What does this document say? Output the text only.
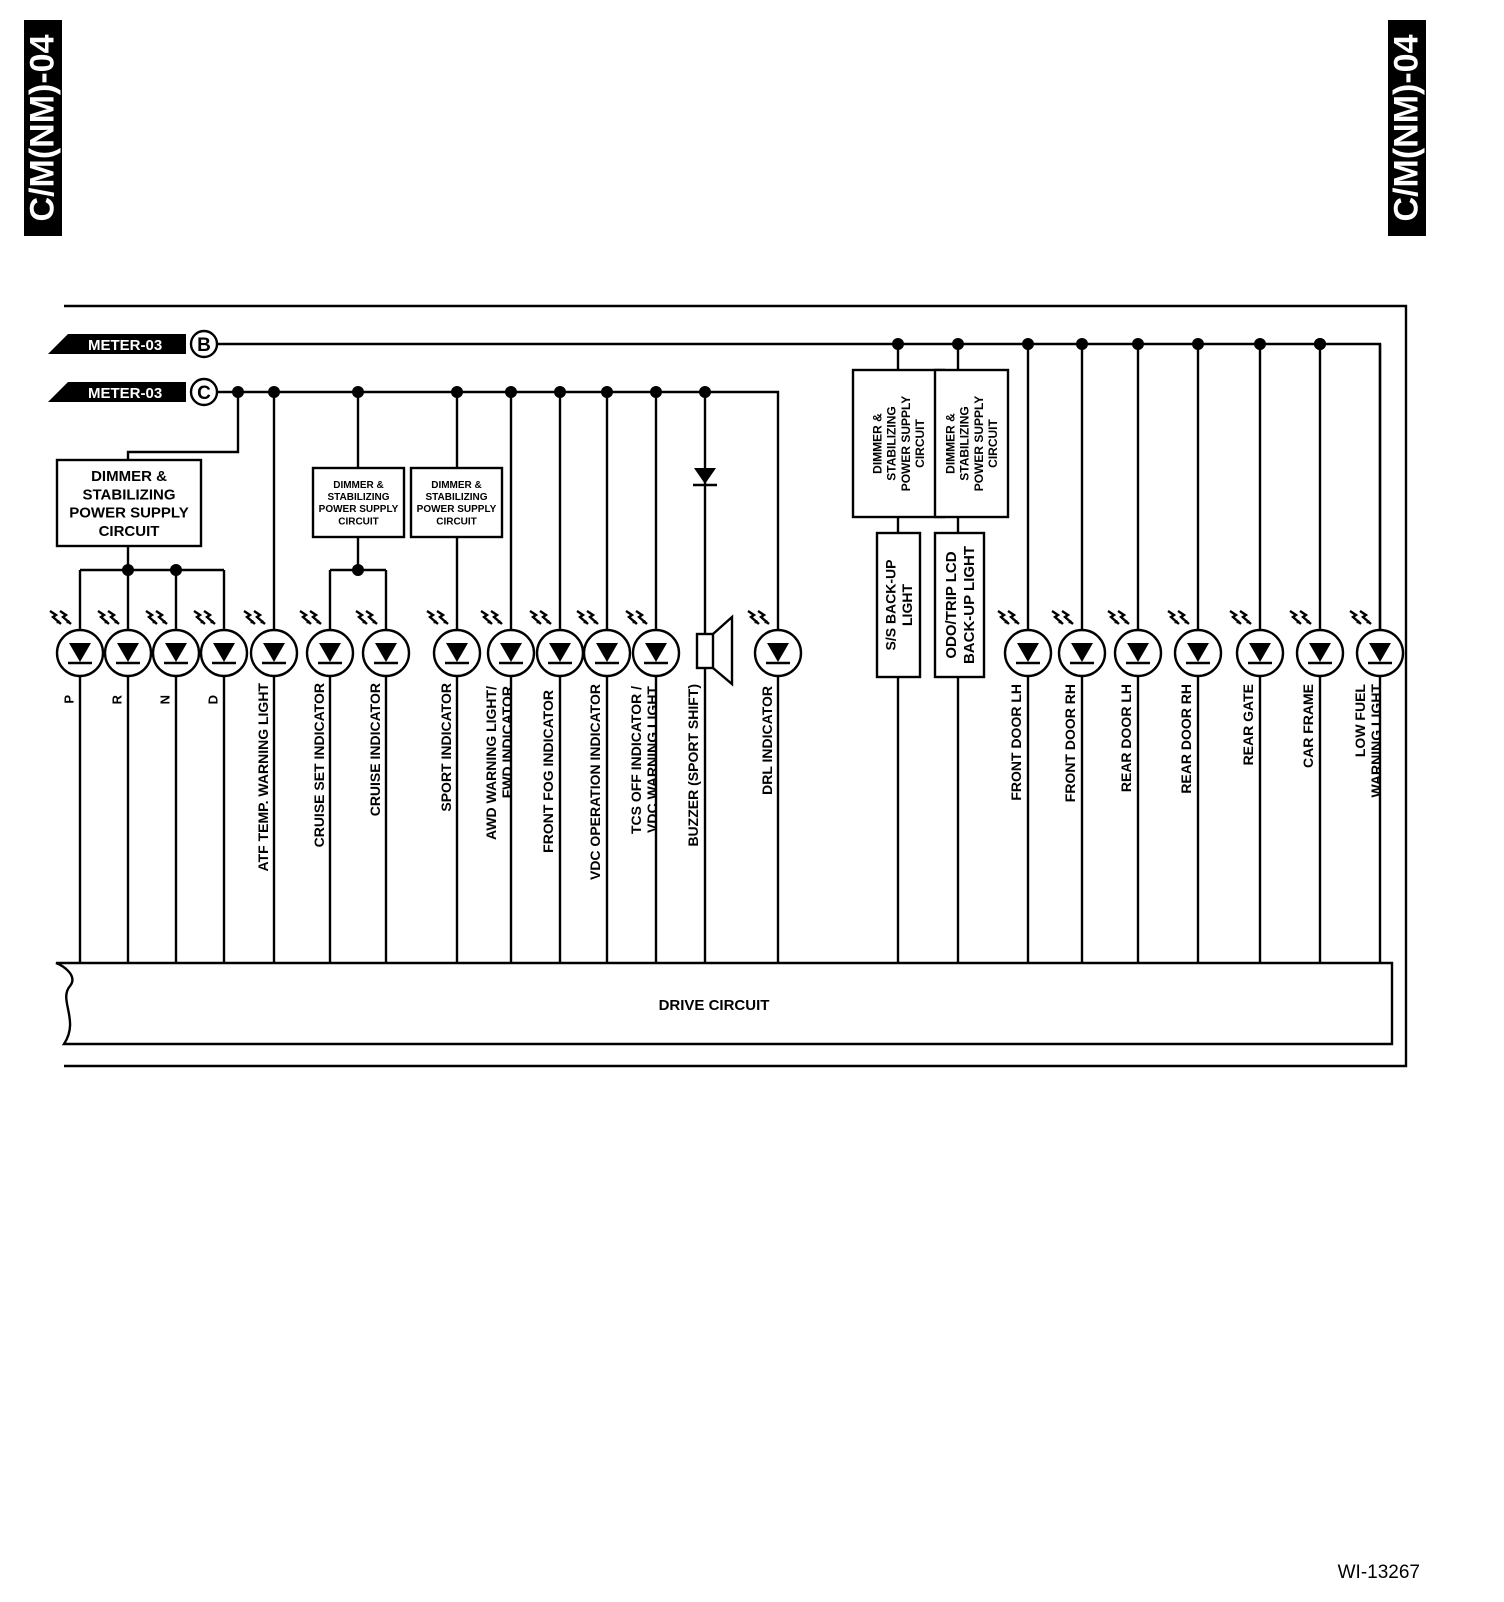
C/M(NM)-04	C/M(NM)-04
METER-03 B
METER-03 C
DRIVE CIRCUIT
DIMMER &
STABILIZING
POWER SUPPLY
CIRCUIT
P	R	N	D ATF TEMP. WARNING LIGHT
DIMMER &
STABILIZING
POWER SUPPLY
CIRCUIT
CRUISE SET INDICATOR	CRUISE INDICATOR
DIMMER &
STABILIZING
POWER SUPPLY
CIRCUIT
SPORT INDICATOR AWD WARNING LIGHT/ FWD INDICATOR FRONT FOG INDICATOR VDC OPERATION INDICATOR TCS OFF INDICATOR / VDC WARNING LIGHT BUZZER (SPORT SHIFT)	DRL INDICATOR
DIMMER & STABILIZING POWER SUPPLY CIRCUIT
S/S BACK-UP LIGHT
DIMMER & STABILIZING POWER SUPPLY CIRCUIT
ODO/TRIP LCD BACK-UP LIGHT
FRONT DOOR LH	FRONT DOOR RH	REAR DOOR LH	REAR DOOR RH	REAR GATE	CAR FRAME	LOW FUEL WARNING LIGHT
WI-13267
